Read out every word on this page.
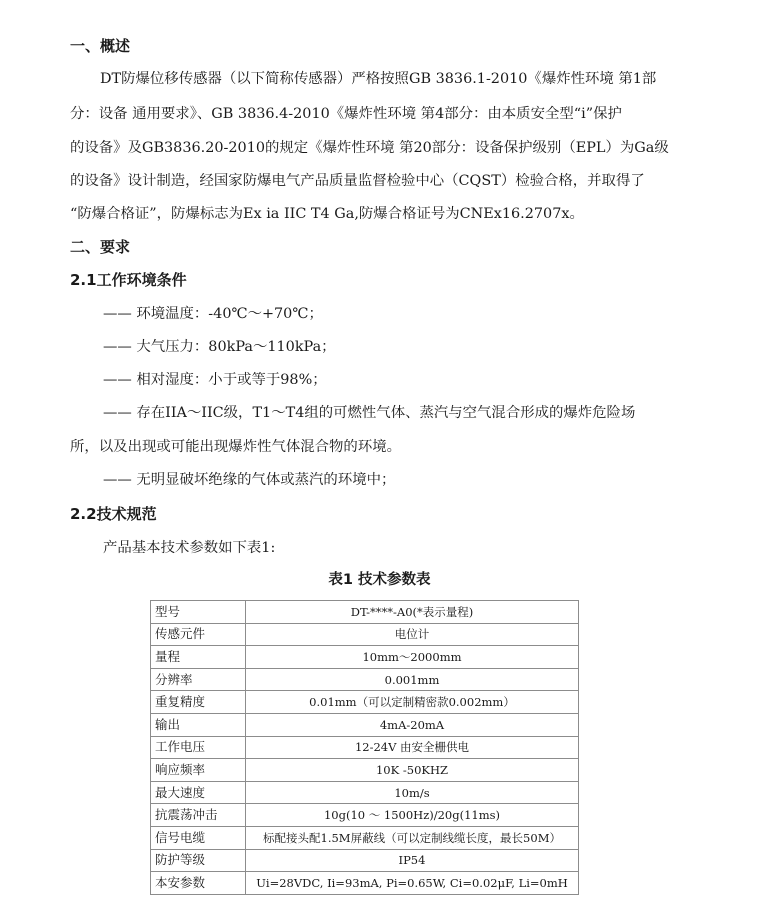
一、概述
DT防爆位移传感器（以下简称传感器）严格按照GB 3836.1-2010《爆炸性环境 第1部
分：设备 通用要求》、GB 3836.4-2010《爆炸性环境 第4部分：由本质安全型“i”保护
的设备》及GB3836.20-2010的规定《爆炸性环境 第20部分：设备保护级别（EPL）为Ga级
的设备》设计制造，经国家防爆电气产品质量监督检验中心（CQST）检验合格，并取得了
“防爆合格证”，防爆标志为Ex ia IIC T4 Ga,防爆合格证号为CNEx16.2707x。
二、要求
2.1工作环境条件
—— 环境温度：-40℃～+70℃；
—— 大气压力：80kPa～110kPa；
—— 相对湿度：小于或等于98%；
—— 存在IIA～IIC级，T1～T4组的可燃性气体、蒸汽与空气混合形成的爆炸危险场
所，以及出现或可能出现爆炸性气体混合物的环境。
—— 无明显破坏绝缘的气体或蒸汽的环境中；
2.2技术规范
产品基本技术参数如下表1:
表1 技术参数表
型号	DT-****-A0(*表示量程)
传感元件	电位计
量程	10mm～2000mm
分辨率	0.001mm
重复精度	0.01mm（可以定制精密款0.002mm）
输出	4mA-20mA
工作电压	12-24V 由安全栅供电
响应频率	10K -50KHZ
最大速度	10m/s
抗震荡冲击	10g(10 ～ 1500Hz)/20g(11ms)
信号电缆	标配接头配1.5M屏蔽线（可以定制线缆长度，最长50M）
防护等级	IP54
本安参数	Ui=28VDC, Ii=93mA, Pi=0.65W, Ci=0.02μF, Li=0mH
